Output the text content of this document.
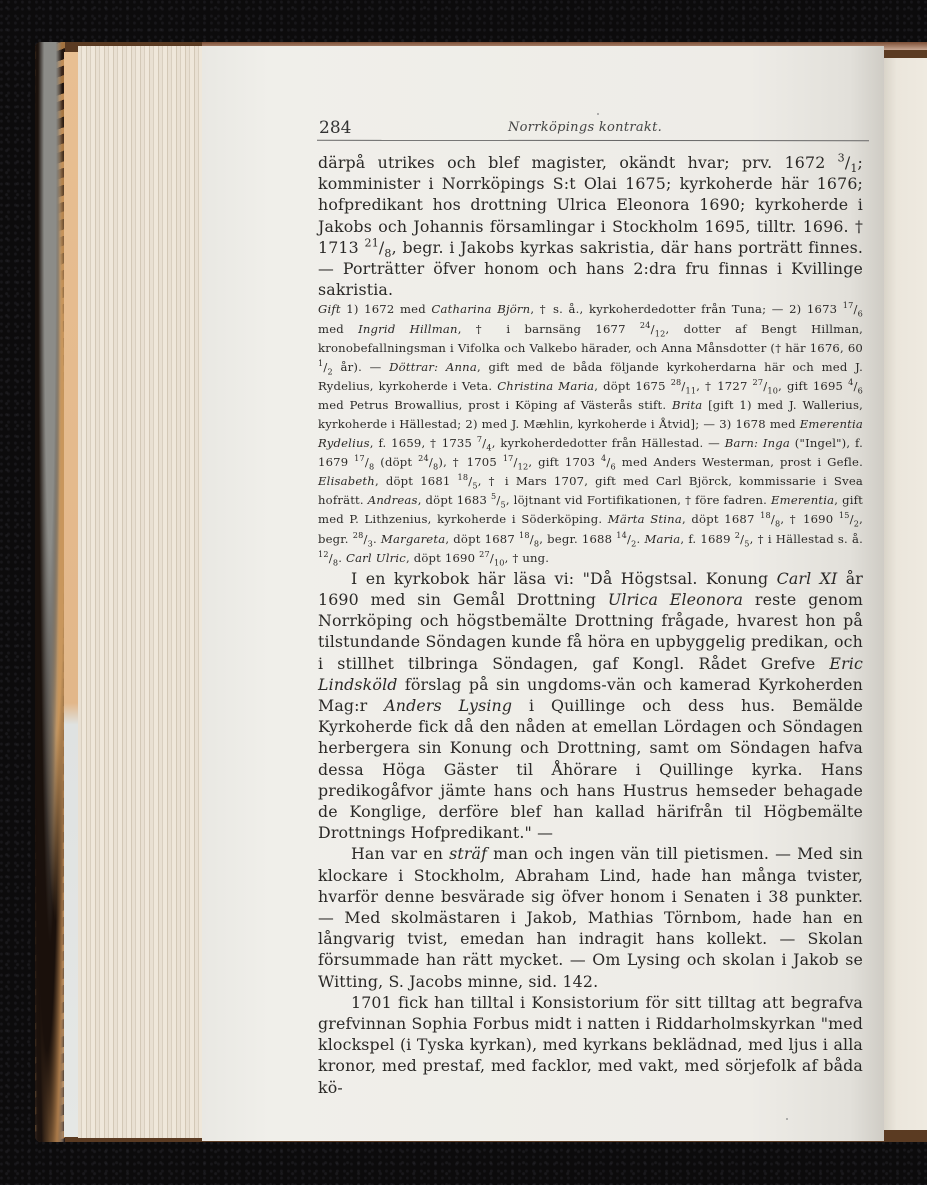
284	Norrköpings kontrakt.

därpå utrikes och blef magister, okändt hvar; prv. 1672 $^3/_1$; komminister i Norrköpings S:t Olai 1675; kyrkoherde här 1676; hofpredikant hos drottning Ulrica Eleonora 1690; kyrkoherde i Jakobs och Johannis församlingar i Stockholm 1695, tilltr. 1696. † 1713 $^{21}/_8$, begr. i Jakobs kyrkas sakristia, där hans porträtt finnes. — Porträtter öfver honom och hans 2:dra fru finnas i Kvillinge sakristia.

Gift 1) 1672 med Catharina Björn, † s. å., kyrkoherdedotter från Tuna; — 2) 1673 $^{17}/_6$ med Ingrid Hillman, † i barnsäng 1677 $^{24}/_{12}$, dotter af Bengt Hillman, kronobefallningsman i Vifolka och Valkebo härader, och Anna Månsdotter († här 1676, 60 $^1/_2$ år). — Döttrar: Anna, gift med de båda följande kyrkoherdarna här och med J. Rydelius, kyrkoherde i Veta. Christina Maria, döpt 1675 $^{28}/_{11}$, † 1727 $^{27}/_{10}$, gift 1695 $^4/_6$ med Petrus Browallius, prost i Köping af Västerås stift. Brita [gift 1) med J. Wallerius, kyrkoherde i Hällestad; 2) med J. Mæhlin, kyrkoherde i Åtvid]; — 3) 1678 med Emerentia Rydelius, f. 1659, † 1735 $^7/_4$, kyrkoherdedotter från Hällestad. — Barn: Inga ("Ingel"), f. 1679 $^{17}/_8$ (döpt $^{24}/_8$), † 1705 $^{17}/_{12}$, gift 1703 $^4/_6$ med Anders Westerman, prost i Gefle. Elisabeth, döpt 1681 $^{18}/_5$, † i Mars 1707, gift med Carl Björck, kommissarie i Svea hofrätt. Andreas, döpt 1683 $^5/_5$, löjtnant vid Fortifikationen, † före fadren. Emerentia, gift med P. Lithzenius, kyrkoherde i Söderköping. Märta Stina, döpt 1687 $^{18}/_8$, † 1690 $^{15}/_2$, begr. $^{28}/_3$. Margareta, döpt 1687 $^{18}/_8$, begr. 1688 $^{14}/_2$. Maria, f. 1689 $^2/_5$, † i Hällestad s. å. $^{12}/_8$. Carl Ulric, döpt 1690 $^{27}/_{10}$, † ung.

I en kyrkobok här läsa vi: "Då Högstsal. Konung Carl XI år 1690 med sin Gemål Drottning Ulrica Eleonora reste genom Norrköping och högstbemälte Drottning frågade, hvarest hon på tilstundande Söndagen kunde få höra en upbyggelig predikan, och i stillhet tilbringa Söndagen, gaf Kongl. Rådet Grefve Eric Lindsköld förslag på sin ungdoms-vän och kamerad Kyrkoherden Mag:r Anders Lysing i Quillinge och dess hus. Bemälde Kyrkoherde fick då den nåden at emellan Lördagen och Söndagen herbergera sin Konung och Drottning, samt om Söndagen hafva dessa Höga Gäster til Åhörare i Quillinge kyrka. Hans predikogåfvor jämte hans och hans Hustrus hemseder behagade de Konglige, derföre blef han kallad härifrån til Högbemälte Drottnings Hofpredikant." —

Han var en sträf man och ingen vän till pietismen. — Med sin klockare i Stockholm, Abraham Lind, hade han många tvister, hvarför denne besvärade sig öfver honom i Senaten i 38 punkter. — Med skolmästaren i Jakob, Mathias Törnbom, hade han en långvarig tvist, emedan han indragit hans kollekt. — Skolan försummade han rätt mycket. — Om Lysing och skolan i Jakob se Witting, S. Jacobs minne, sid. 142.

1701 fick han tilltal i Konsistorium för sitt tilltag att begrafva grefvinnan Sophia Forbus midt i natten i Riddarholmskyrkan "med klockspel (i Tyska kyrkan), med kyrkans beklädnad, med ljus i alla kronor, med prestaf, med facklor, med vakt, med sörjefolk af båda kö-
